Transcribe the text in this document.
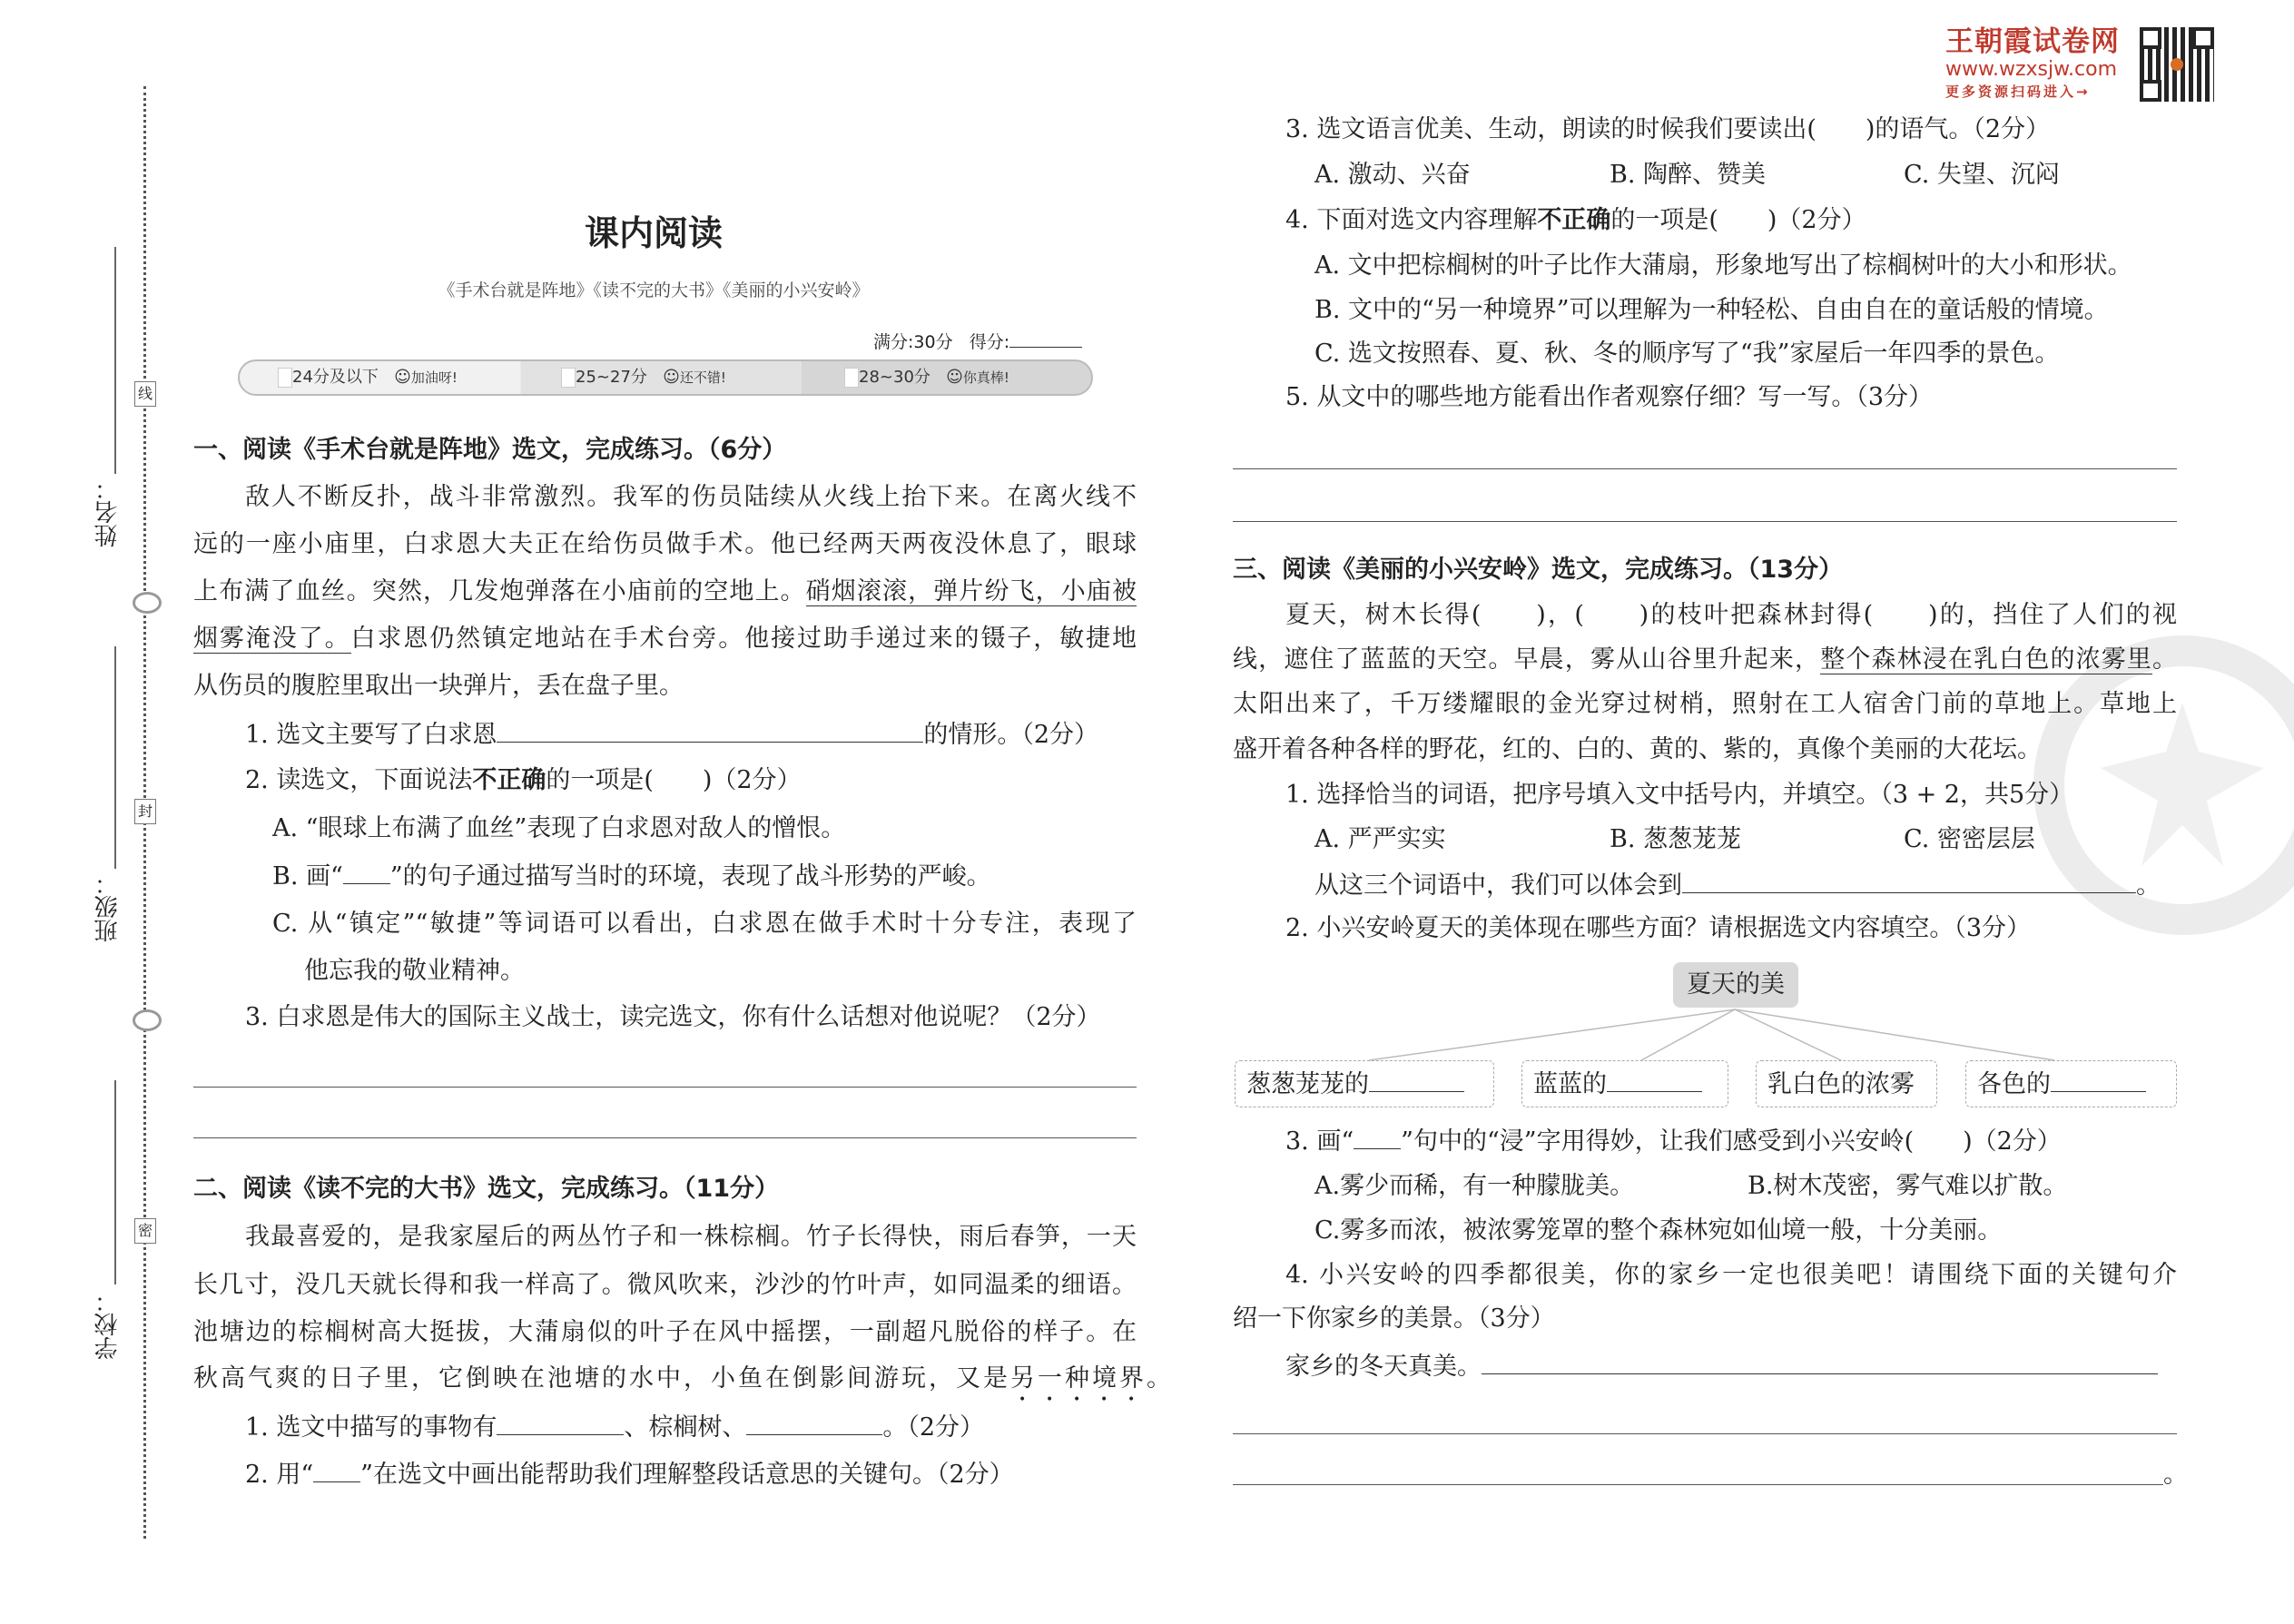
王朝霞试卷网
www.wzxsjw.com
更多资源扫码进入→
线
封
密
姓名：
班级：
学校：
课内阅读
《手术台就是阵地》《读不完的大书》《美丽的小兴安岭》
满分:30分 得分:
24分及以下 ☺加油呀!	25~27分 ☺还不错!	28~30分 ☺你真棒!
一、阅读《手术台就是阵地》选文，完成练习。（6分）
敌人不断反扑，战斗非常激烈。我军的伤员陆续从火线上抬下来。在离火线不
远的一座小庙里，白求恩大夫正在给伤员做手术。他已经两天两夜没休息了，眼球
上布满了血丝。突然，几发炮弹落在小庙前的空地上。硝烟滚滚，弹片纷飞，小庙被
烟雾淹没了。白求恩仍然镇定地站在手术台旁。他接过助手递过来的镊子，敏捷地
从伤员的腹腔里取出一块弹片，丢在盘子里。
1. 选文主要写了白求恩	的情形。（2分）
2. 读选文，下面说法不正确的一项是(　　)（2分）
A. “眼球上布满了血丝”表现了白求恩对敌人的憎恨。
B. 画“ ”的句子通过描写当时的环境，表现了战斗形势的严峻。
C. 从“镇定”“敏捷”等词语可以看出，白求恩在做手术时十分专注，表现了
他忘我的敬业精神。
3. 白求恩是伟大的国际主义战士，读完选文，你有什么话想对他说呢？（2分）
二、阅读《读不完的大书》选文，完成练习。（11分）
我最喜爱的，是我家屋后的两丛竹子和一株棕榈。竹子长得快，雨后春笋，一天
长几寸，没几天就长得和我一样高了。微风吹来，沙沙的竹叶声，如同温柔的细语。
池塘边的棕榈树高大挺拔，大蒲扇似的叶子在风中摇摆，一副超凡脱俗的样子。在
秋高气爽的日子里，它倒映在池塘的水中，小鱼在倒影间游玩，又是另一种境界。
1. 选文中描写的事物有	、棕榈树、	。（2分）
2. 用“ ”在选文中画出能帮助我们理解整段话意思的关键句。（2分）
3. 选文语言优美、生动，朗读的时候我们要读出(　　)的语气。（2分）
A. 激动、兴奋	B. 陶醉、赞美	C. 失望、沉闷
4. 下面对选文内容理解不正确的一项是(　　)（2分）
A. 文中把棕榈树的叶子比作大蒲扇，形象地写出了棕榈树叶的大小和形状。
B. 文中的“另一种境界”可以理解为一种轻松、自由自在的童话般的情境。
C. 选文按照春、夏、秋、冬的顺序写了“我”家屋后一年四季的景色。
5. 从文中的哪些地方能看出作者观察仔细？写一写。（3分）
三、阅读《美丽的小兴安岭》选文，完成练习。（13分）
夏天，树木长得(　　)，(　　)的枝叶把森林封得(　　)的，挡住了人们的视
线，遮住了蓝蓝的天空。早晨，雾从山谷里升起来，整个森林浸在乳白色的浓雾里。
太阳出来了，千万缕耀眼的金光穿过树梢，照射在工人宿舍门前的草地上。草地上
盛开着各种各样的野花，红的、白的、黄的、紫的，真像个美丽的大花坛。
1. 选择恰当的词语，把序号填入文中括号内，并填空。（3 + 2，共5分）
A. 严严实实	B. 葱葱茏茏	C. 密密层层
从这三个词语中，我们可以体会到	。
2. 小兴安岭夏天的美体现在哪些方面？请根据选文内容填空。（3分）
夏天的美
葱葱茏茏的	蓝蓝的	乳白色的浓雾	各色的
3. 画“ ”句中的“浸”字用得妙，让我们感受到小兴安岭(　　)（2分）
A.雾少而稀，有一种朦胧美。	B.树木茂密，雾气难以扩散。
C.雾多而浓，被浓雾笼罩的整个森林宛如仙境一般，十分美丽。
4. 小兴安岭的四季都很美，你的家乡一定也很美吧！请围绕下面的关键句介
绍一下你家乡的美景。（3分）
家乡的冬天真美。
。
